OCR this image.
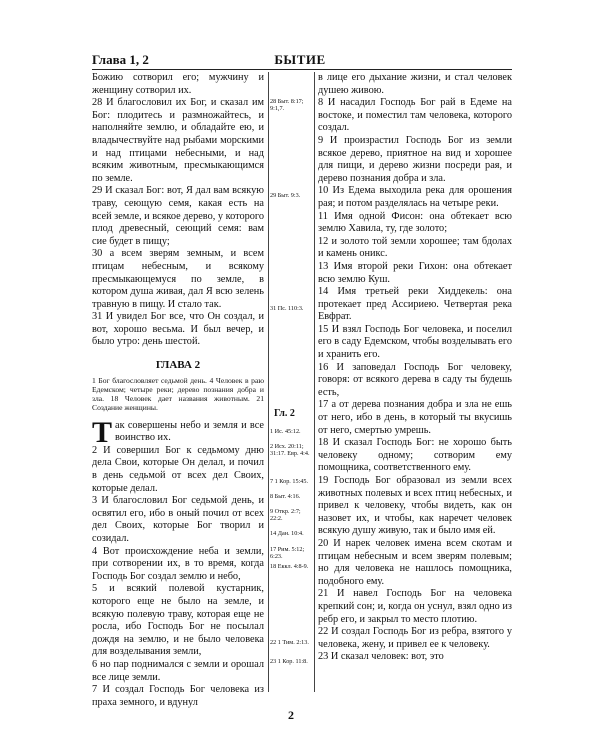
Глава 1, 2	БЫТИЕ

Божию сотворил его; мужчину и женщину сотворил их.

28 И благословил их Бог, и сказал им Бог: плодитесь и размножайтесь, и наполняйте землю, и обладайте ею, и владычествуйте над рыбами морскими и над птицами небесными, и над всяким животным, пресмыкающимся по земле.

29 И сказал Бог: вот, Я дал вам всякую траву, сеющую семя, какая есть на всей земле, и всякое дерево, у которого плод древесный, сеющий семя: вам сие будет в пищу;

30 а всем зверям земным, и всем птицам небесным, и всякому пресмыкающемуся по земле, в котором душа живая, дал Я всю зелень травную в пищу. И стало так.

31 И увидел Бог все, что Он создал, и вот, хорошо весьма. И был вечер, и было утро: день шестой.

ГЛАВА 2

1 Бог благословляет седьмой день. 4 Человек в раю Едемском; четыре реки; дерево познания добра и зла. 18 Человек дает названия животным. 21 Создание женщины.

Так совершены небо и земля и все воинство их.

2 И совершил Бог к седьмому дню дела Свои, которые Он делал, и почил в день седьмой от всех дел Своих, которые делал.

3 И благословил Бог седьмой день, и освятил его, ибо в оный почил от всех дел Своих, которые Бог творил и созидал.

4 Вот происхождение неба и земли, при сотворении их, в то время, когда Господь Бог создал землю и небо,

5 и всякий полевой кустарник, которого еще не было на земле, и всякую полевую траву, которая еще не росла, ибо Господь Бог не посылал дождя на землю, и не было человека для возделывания земли,

6 но пар поднимался с земли и орошал все лице земли.

7 И создал Господь Бог человека из праха земного, и вдунул

28 Быт. 8:17; 9:1,7.
29 Быт. 9:3.
31 Пс. 110:3.
Гл. 2
1 Ис. 45:12.
2 Исх. 20:11; 31:17. Евр. 4:4.
7 1 Кор. 15:45.
8 Быт. 4:16.
9 Откр. 2:7; 22:2.
14 Дан. 10:4.
17 Рим. 5:12; 6:23.
18 Еккл. 4:8-9.
22 1 Тим. 2:13.
23 1 Кор. 11:8.

в лице его дыхание жизни, и стал человек душею живою.

8 И насадил Господь Бог рай в Едеме на востоке, и поместил там человека, которого создал.

9 И произрастил Господь Бог из земли всякое дерево, приятное на вид и хорошее для пищи, и дерево жизни посреди рая, и дерево познания добра и зла.

10 Из Едема выходила река для орошения рая; и потом разделялась на четыре реки.

11 Имя одной Фисон: она обтекает всю землю Хавила, ту, где золото;

12 и золото той земли хорошее; там бдолах и камень оникс.

13 Имя второй реки Гихон: она обтекает всю землю Куш.

14 Имя третьей реки Хиддекель: она протекает пред Ассириею. Четвертая река Евфрат.

15 И взял Господь Бог человека, и поселил его в саду Едемском, чтобы возделывать его и хранить его.

16 И заповедал Господь Бог человеку, говоря: от всякого дерева в саду ты будешь есть,

17 а от дерева познания добра и зла не ешь от него, ибо в день, в который ты вкусишь от него, смертью умрешь.

18 И сказал Господь Бог: не хорошо быть человеку одному; сотворим ему помощника, соответственного ему.

19 Господь Бог образовал из земли всех животных полевых и всех птиц небесных, и привел к человеку, чтобы видеть, как он назовет их, и чтобы, как наречет человек всякую душу живую, так и было имя ей.

20 И нарек человек имена всем скотам и птицам небесным и всем зверям полевым; но для человека не нашлось помощника, подобного ему.

21 И навел Господь Бог на человека крепкий сон; и, когда он уснул, взял одно из ребр его, и закрыл то место плотию.

22 И создал Господь Бог из ребра, взятого у человека, жену, и привел ее к человеку.

23 И сказал человек: вот, это

2
